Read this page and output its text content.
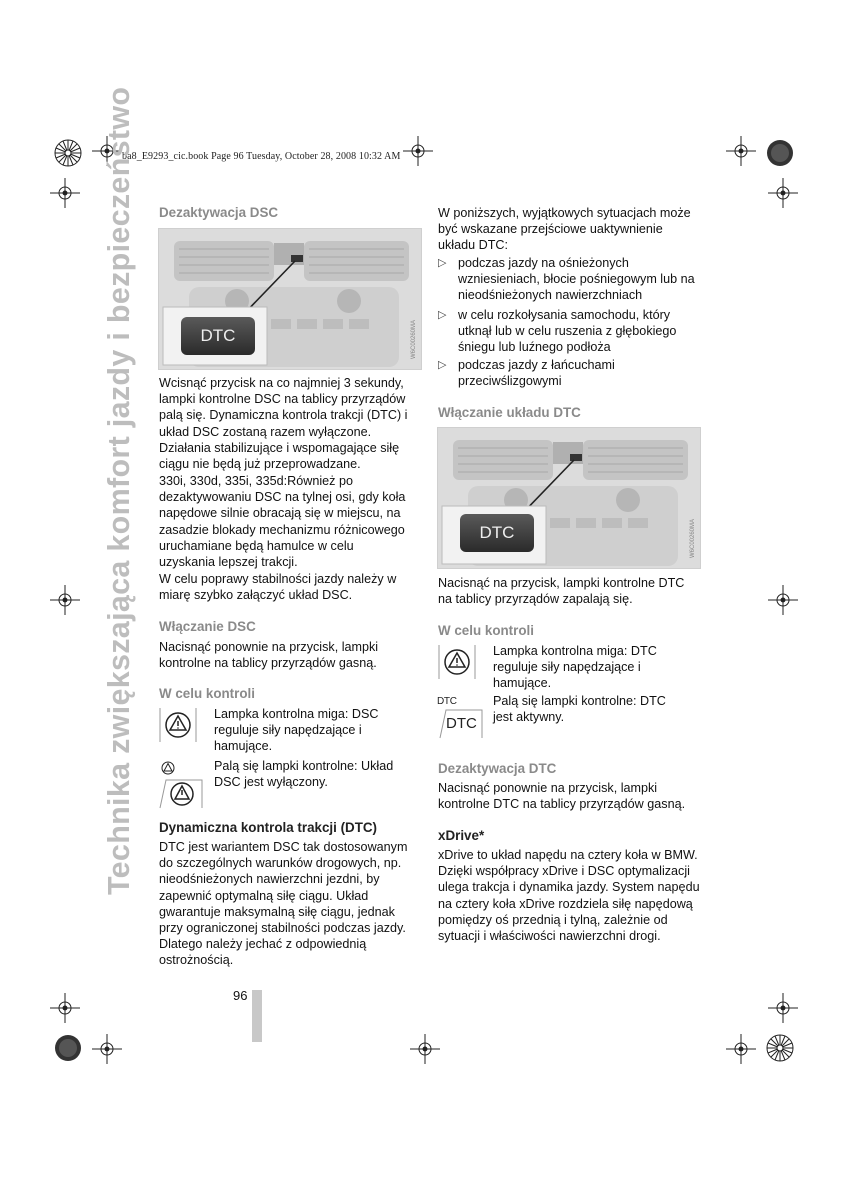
ba8_E9293_cic.book Page 96 Tuesday, October 28, 2008 10:32 AM
Technika zwiększająca komfort jazdy i bezpieczeństwo Dezaktywacja DSC
DTC	W6C00260MA

Wcisnąć przycisk na co najmniej 3 sekundy, lampki kontrolne DSC na tablicy przyrządów palą się. Dynamiczna kontrola trakcji (DTC) i układ DSC zostaną razem wyłączone. Działania stabilizujące i wspomagające siłę ciągu nie będą już przeprowadzane.

330i, 330d, 335i, 335d:Również po dezaktywowaniu DSC na tylnej osi, gdy koła napędowe silnie obracają się w miejscu, na zasadzie blokady mechanizmu różnicowego uruchamiane będą hamulce w celu uzyskania lepszej trakcji.

W celu poprawy stabilności jazdy należy w miarę szybko załączyć układ DSC.

Włączanie DSC

Nacisnąć ponownie na przycisk, lampki kontrolne na tablicy przyrządów gasną.

W celu kontroli
Lampka kontrolna miga: DSC reguluje siły napędzające i hamujące.
Palą się lampki kontrolne: Układ DSC jest wyłączony.
Dynamiczna kontrola trakcji (DTC)

DTC jest wariantem DSC tak dostosowanym do szczególnych warunków drogowych, np. nieodśnieżonych nawierzchni jezdni, by zapewnić optymalną siłę ciągu. Układ gwarantuje maksymalną siłę ciągu, jednak przy ograniczonej stabilności podczas jazdy. Dlatego należy jechać z odpowiednią ostrożnością.

W poniższych, wyjątkowych sytuacjach może być wskazane przejściowe uaktywnienie układu DTC:

▷ podczas jazdy na ośnieżonych wzniesieniach, błocie pośniegowym lub na nieodśnieżonych nawierzchniach
▷ w celu rozkołysania samochodu, który utknął lub w celu ruszenia z głębokiego śniegu lub luźnego podłoża
▷ podczas jazdy z łańcuchami przeciwślizgowymi
Włączanie układu DTC
DTC	W6C00260MA

Nacisnąć na przycisk, lampki kontrolne DTC na tablicy przyrządów zapalają się.

W celu kontroli
Lampka kontrolna miga: DTC reguluje siły napędzające i hamujące.
DTC
DTC
Palą się lampki kontrolne: DTC jest aktywny.
Dezaktywacja DTC

Nacisnąć ponownie na przycisk, lampki kontrolne DTC na tablicy przyrządów gasną.

xDrive*

xDrive to układ napędu na cztery koła w BMW. Dzięki współpracy xDrive i DSC optymalizacji ulega trakcja i dynamika jazdy. System napędu na cztery koła xDrive rozdziela siłę napędową pomiędzy oś przednią i tylną, zależnie od sytuacji i właściwości nawierzchni drogi.

96
